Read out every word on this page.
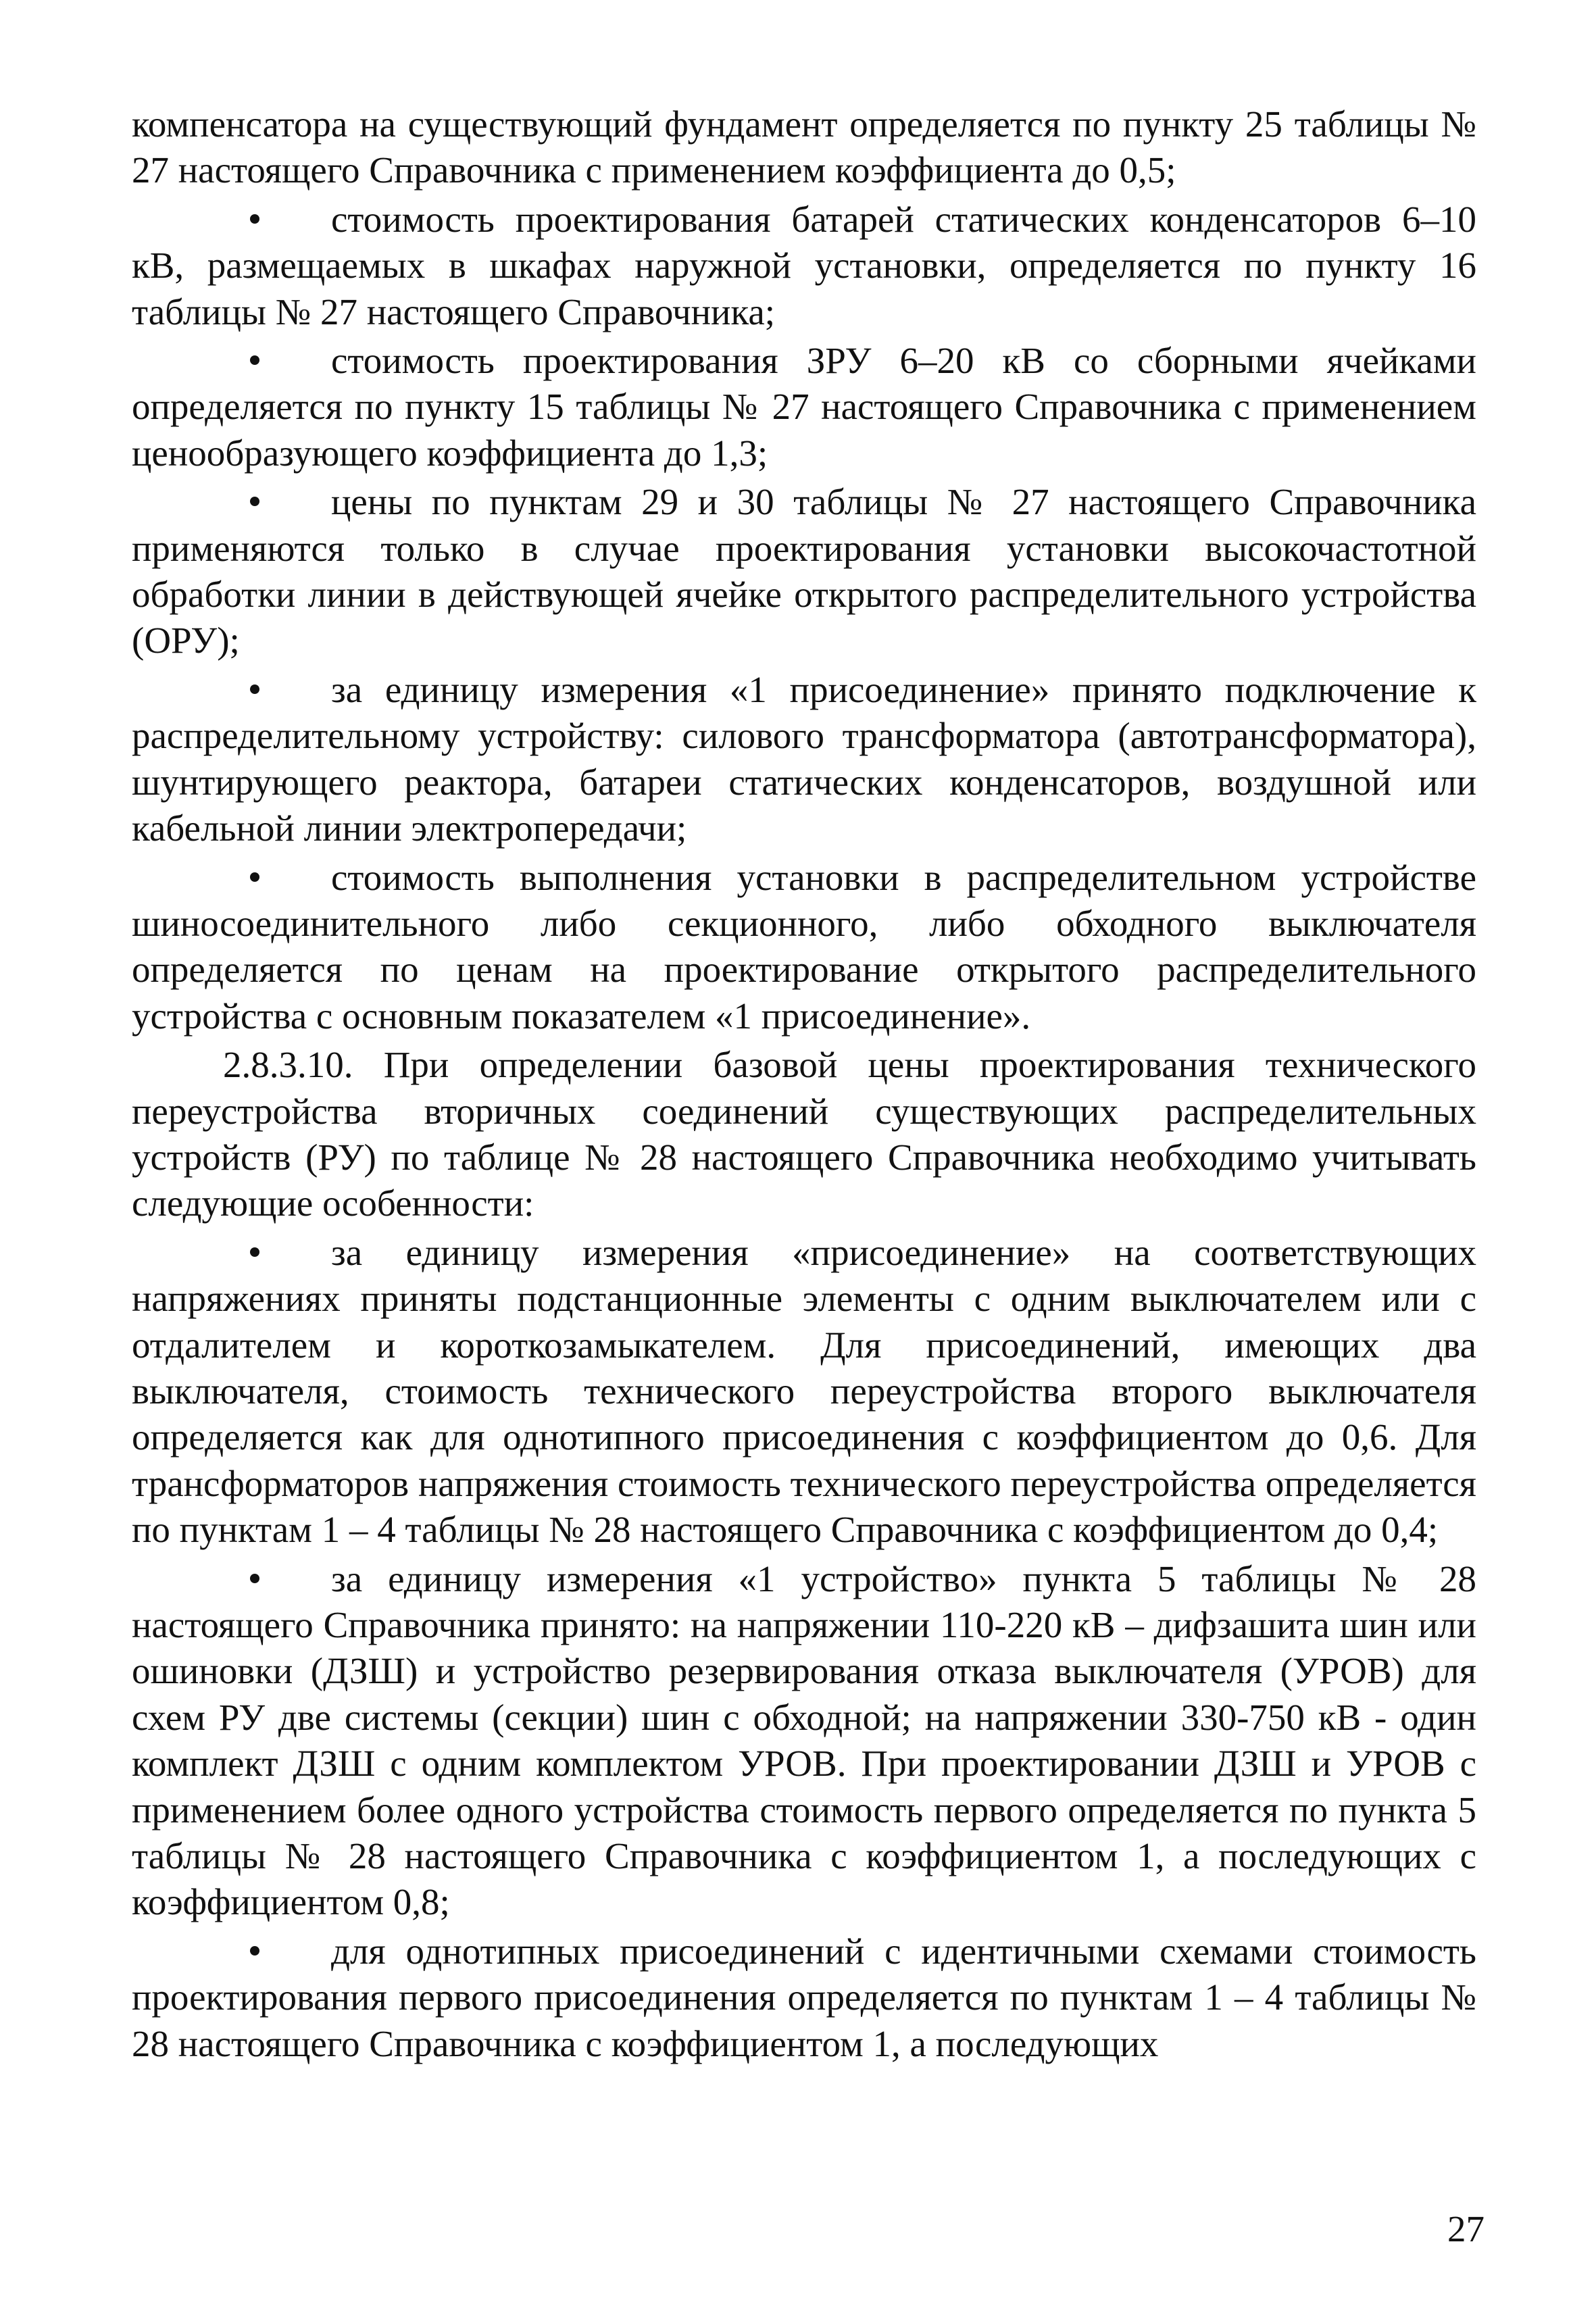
компенсатора на существующий фундамент определяется по пункту 25 таблицы № 27 настоящего Справочника с применением коэффициента до 0,5;

стоимость проектирования батарей статических конденсаторов 6–10 кВ, размещаемых в шкафах наружной установки, определяется по пункту 16 таблицы № 27 настоящего Справочника;

стоимость проектирования ЗРУ 6–20 кВ со сборными ячейками определяется по пункту 15 таблицы № 27 настоящего Справочника с применением ценообразующего коэффициента до 1,3;

цены по пунктам 29 и 30 таблицы № 27 настоящего Справочника применяются только в случае проектирования установки высокочастотной обработки линии в действующей ячейке открытого распределительного устройства (ОРУ);

за единицу измерения «1 присоединение» принято подключение к распределительному устройству: силового трансформатора (автотрансформатора), шунтирующего реактора, батареи статических конденсаторов, воздушной или кабельной линии электропередачи;

стоимость выполнения установки в распределительном устройстве шиносоединительного либо секционного, либо обходного выключателя определяется по ценам на проектирование открытого распределительного устройства с основным показателем «1 присоединение».

2.8.3.10. При определении базовой цены проектирования технического переустройства вторичных соединений существующих распределительных устройств (РУ) по таблице № 28 настоящего Справочника необходимо учитывать следующие особенности:

за единицу измерения «присоединение» на соответствующих напряжениях приняты подстанционные элементы с одним выключателем или с отдалителем и короткозамыкателем. Для присоединений, имеющих два выключателя, стоимость технического переустройства второго выключателя определяется как для однотипного присоединения с коэффициентом до 0,6. Для трансформаторов напряжения стоимость технического переустройства определяется по пунктам 1 – 4 таблицы № 28 настоящего Справочника с коэффициентом до 0,4;

за единицу измерения «1 устройство» пункта 5 таблицы № 28 настоящего Справочника принято: на напряжении 110-220 кВ – дифзашита шин или ошиновки (ДЗШ) и устройство резервирования отказа выключателя (УРОВ) для схем РУ две системы (секции) шин с обходной; на напряжении 330-750 кВ - один комплект ДЗШ с одним комплектом УРОВ. При проектировании ДЗШ и УРОВ с применением более одного устройства стоимость первого определяется по пункта 5 таблицы № 28 настоящего Справочника с коэффициентом 1, а последующих с коэффициентом 0,8;

для однотипных присоединений с идентичными схемами стоимость проектирования первого присоединения определяется по пунктам 1 – 4 таблицы № 28 настоящего Справочника с коэффициентом 1, а последующих

27
